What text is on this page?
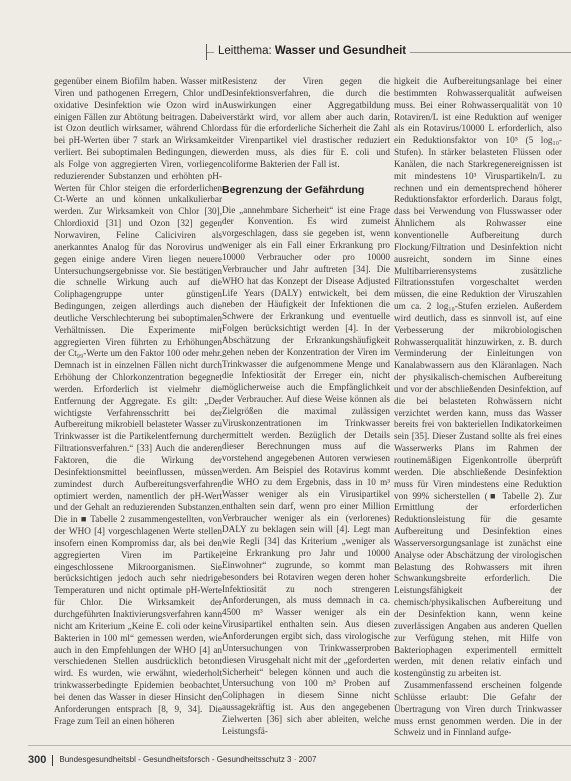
Leitthema: Wasser und Gesundheit

gegenüber einem Biofilm haben. Wasser mit Viren und pathogenen Erregern, Chlor und oxidative Desinfektion wie Ozon wird in einigen Fällen zur Abtötung beitragen. Dabei ist Ozon deutlich wirksamer, während Chlor bei pH-Werten über 7 stark an Wirksamkeit verliert. Bei suboptimalen Bedingungen, die als Folge von aggregierten Viren, vorliegen reduzierender Substanzen und erhöhten pH-Werten für Chlor steigen die erforderlichen Ct-Werte an und können unkalkulierbar werden. Zur Wirksamkeit von Chlor [30], Chlordioxid [31] und Ozon [32] gegen Norwaviren, Feline Caliciviren als anerkanntes Analog für das Norovirus und gegen einige andere Viren liegen neuere Untersuchungsergebnisse vor. Sie bestätigen die schnelle Wirkung auch auf die Coliphagengruppe unter günstigen Bedingungen, zeigen allerdings auch die deutliche Verschlechterung bei suboptimalen Verhältnissen. Die Experimente mit aggregierten Viren führten zu Erhöhungen der Ct₉₉-Werte um den Faktor 100 oder mehr. Demnach ist in einzelnen Fällen nicht durch Erhöhung der Chlorkonzentration begegnet werden. Erforderlich ist vielmehr die Entfernung der Aggregate. Es gilt: „Der wichtigste Verfahrensschritt bei der Aufbereitung mikrobiell belasteter Wasser zu Trinkwasser ist die Partikelentfernung durch Filtrationsverfahren.“ [33] Auch die anderen Faktoren, die die Wirkung der Desinfektionsmittel beeinflussen, müssen zumindest durch Aufbereitungsverfahren optimiert werden, namentlich der pH-Wert und der Gehalt an reduzierenden Substanzen. Die in ■ Tabelle 2 zusammengestellten, von der WHO [4] vorgeschlagenen Werte stellen insofern einen Kompromiss dar, als bei den aggregierten Viren im Partikel eingeschlossene Mikroorganismen. Sie berücksichtigen jedoch auch sehr niedrige Temperaturen und nicht optimale pH-Werte für Chlor. Die Wirksamkeit der durchgeführten Inaktivierungsverfahren kann nicht am Kriterium „Keine E. coli oder keine Bakterien in 100 ml“ gemessen werden, wie auch in den Empfehlungen der WHO [4] an verschiedenen Stellen ausdrücklich betont wird. Es wurden, wie erwähnt, wiederholt trinkwasserbedingte Epidemien beobachtet, bei denen das Wasser in dieser Hinsicht den Anforderungen entsprach [8, 9, 34]. Die Frage zum Teil an einen höheren

Resistenz der Viren gegen die Desinfektionsverfahren, die durch die Auswirkungen einer Aggregatbildung verstärkt wird, vor allem aber auch darin, dass für die erforderliche Sicherheit die Zahl der Virenpartikel viel drastischer reduziert werden muss, als dies für E. coli und coliforme Bakterien der Fall ist.

Begrenzung der Gefährdung

Die „annehmbare Sicherheit“ ist eine Frage der Konvention. Es wird zumeist vorgeschlagen, dass sie gegeben ist, wenn weniger als ein Fall einer Erkrankung pro 10000 Verbraucher oder pro 10000 Verbraucher und Jahr auftreten [34]. Die WHO hat das Konzept der Disease Adjusted Life Years (DALY) entwickelt, bei dem neben der Häufigkeit der Infektionen die Schwere der Erkrankung und eventuelle Folgen berücksichtigt werden [4]. In der Abschätzung der Erkrankungshäufigkeit gehen neben der Konzentration der Viren im Trinkwasser die aufgenommene Menge und die Infektiosität der Erreger ein, nicht möglicherweise auch die Empfänglichkeit der Verbraucher. Auf diese Weise können als Zielgrößen die maximal zulässigen Viruskonzentrationen im Trinkwasser ermittelt werden. Bezüglich der Details dieser Berechnungen muss auf die vorstehend angegebenen Autoren verwiesen werden. Am Beispiel des Rotavirus kommt die WHO zu dem Ergebnis, dass in 10 m³ Wasser weniger als ein Virusipartikel enthalten sein darf, wenn pro einer Million Verbraucher weniger als ein (verlorenes) DALY zu beklagen sein will [4]. Legt man wie Regli [34] das Kriterium „weniger als eine Erkrankung pro Jahr und 10000 Einwohner“ zugrunde, so kommt man besonders bei Rotaviren wegen deren hoher Infektiosität zu noch strengeren Anforderungen, als muss demnach in ca. 4500 m³ Wasser weniger als ein Virusipartikel enthalten sein. Aus diesen Anforderungen ergibt sich, dass virologische Untersuchungen von Trinkwasserproben diesen Virusgehalt nicht mit der „geforderten Sicherheit“ belegen können und auch die Untersuchung von 100 m³ Proben auf Coliphagen in diesem Sinne nicht aussagekräftig ist. Aus den angegebenen Zielwerten [36] sich aber ableiten, welche Leistungsfä-

higkeit die Aufbereitungsanlage bei einer bestimmten Rohwasserqualität aufweisen muss. Bei einer Rohwasserqualität von 10 Rotaviren/L ist eine Reduktion auf weniger als ein Rotavirus/10000 L erforderlich, also ein Reduktionsfaktor von 10⁵ (5 log₁₀-Stufen). In stärker belasteten Flüssen oder Kanälen, die nach Starkregenereignissen ist mit mindestens 10³ Viruspartikeln/L zu rechnen und ein dementsprechend höherer Reduktionsfaktor erforderlich. Daraus folgt, dass bei Verwendung von Flusswasser oder Ähnlichem als Rohwasser eine konventionelle Aufbereitung durch Flockung/Filtration und Desinfektion nicht ausreicht, sondern im Sinne eines Multibarrierensystems zusätzliche Filtrationsstufen vorgeschaltet werden müssen, die eine Reduktion der Viruszahlen um ca. 2 log₁₀-Stufen erzielen. Außerdem wird deutlich, dass es sinnvoll ist, auf eine Verbesserung der mikrobiologischen Rohwasserqualität hinzuwirken, z. B. durch Verminderung der Einleitungen von Kanalabwassern aus den Kläranlagen. Nach der physikalisch-chemischen Aufbereitung und vor der abschließenden Desinfektion, auf die bei belasteten Rohwässern nicht verzichtet werden kann, muss das Wasser bereits frei von bakteriellen Indikatorkeimen sein [35]. Dieser Zustand sollte als frei eines Wasserwerks Plans im Rahmen der routinemäßigen Eigenkontrolle überprüft werden. Die abschließende Desinfektion muss für Viren mindestens eine Reduktion von 99% sicherstellen (■ Tabelle 2). Zur Ermittlung der erforderlichen Reduktionsleistung für die gesamte Aufbereitung und Desinfektion eines Wasserversorgungsanlage ist zunächst eine Analyse oder Abschätzung der virologischen Belastung des Rohwassers mit ihren Schwankungsbreite erforderlich. Die Leistungsfähigkeit der chemisch/physikalischen Aufbereitung und der Desinfektion kann, wenn keine zuverlässigen Angaben aus anderen Quellen zur Verfügung stehen, mit Hilfe von Bakteriophagen experimentell ermittelt werden, mit denen relativ einfach und kostengünstig zu arbeiten ist.

Zusammenfassend erscheinen folgende Schlüsse erlaubt: Die Gefahr der Übertragung von Viren durch Trinkwasser muss ernst genommen werden. Die in der Schweiz und in Finnland aufge-

300 Bundesgesundheitsbl - Gesundheitsforsch - Gesundheitsschutz 3 · 2007
